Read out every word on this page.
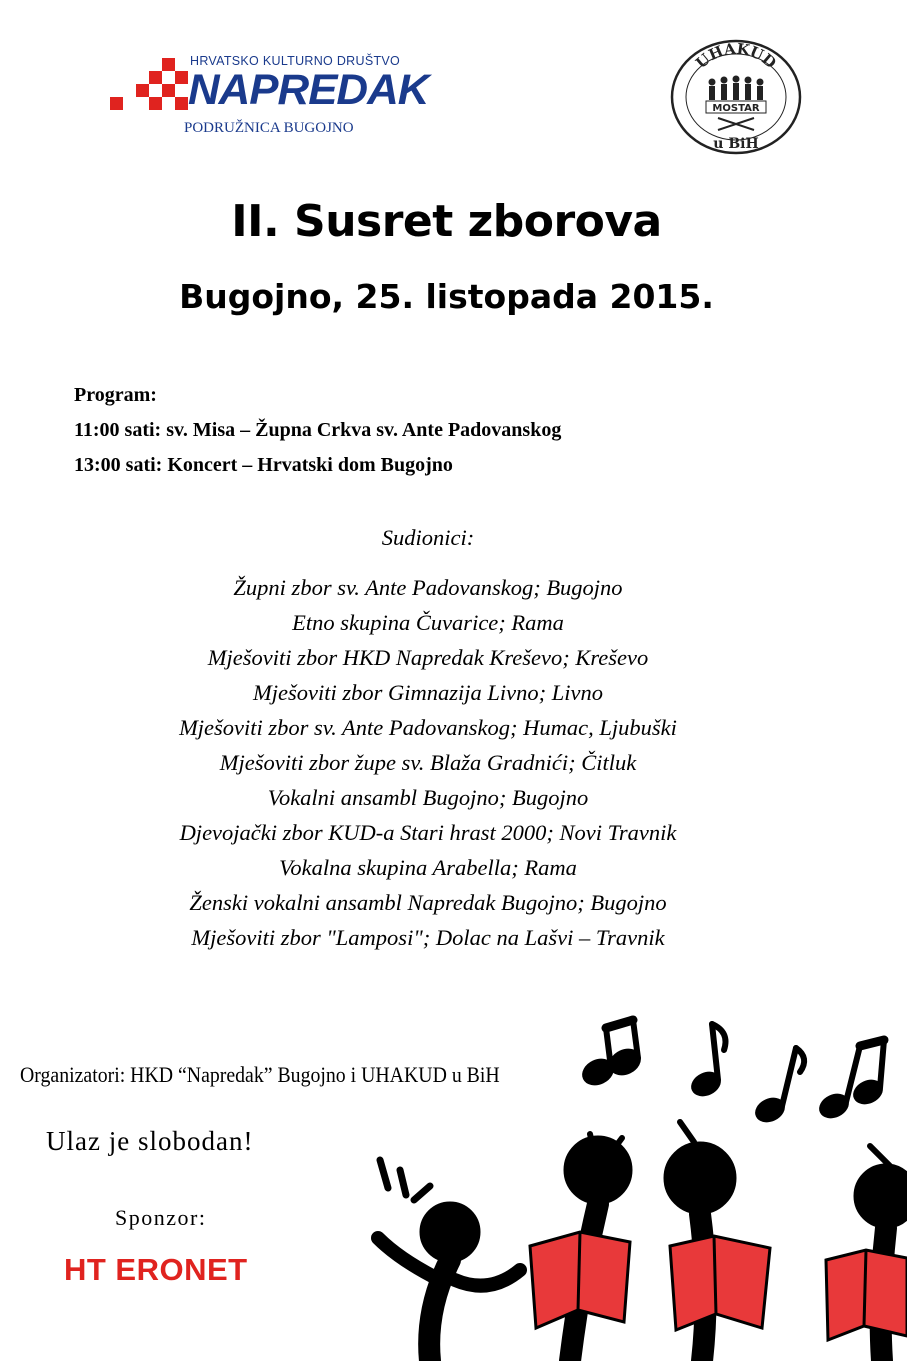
HRVATSKO KULTURNO DRUŠTVO
NAPREDAK
PODRUŽNICA BUGOJNO
UHAKUD
MOSTAR
u BiH
II. Susret zborova
Bugojno, 25. listopada 2015.
Program:
11:00 sati: sv. Misa – Župna Crkva sv. Ante Padovanskog
13:00 sati: Koncert – Hrvatski dom Bugojno
Sudionici:
Župni zbor sv. Ante Padovanskog; Bugojno
Etno skupina Čuvarice; Rama
Mješoviti zbor HKD Napredak Kreševo; Kreševo
Mješoviti zbor Gimnazija Livno; Livno
Mješoviti zbor sv. Ante Padovanskog; Humac, Ljubuški
Mješoviti zbor župe sv. Blaža Gradnići; Čitluk
Vokalni ansambl Bugojno; Bugojno
Djevojački zbor KUD-a Stari hrast 2000; Novi Travnik
Vokalna skupina Arabella; Rama
Ženski vokalni ansambl Napredak Bugojno; Bugojno
Mješoviti zbor "Lamposi"; Dolac na Lašvi – Travnik
Organizatori: HKD “Napredak” Bugojno i UHAKUD u BiH
Ulaz je slobodan!
Sponzor:
HT ERONET
